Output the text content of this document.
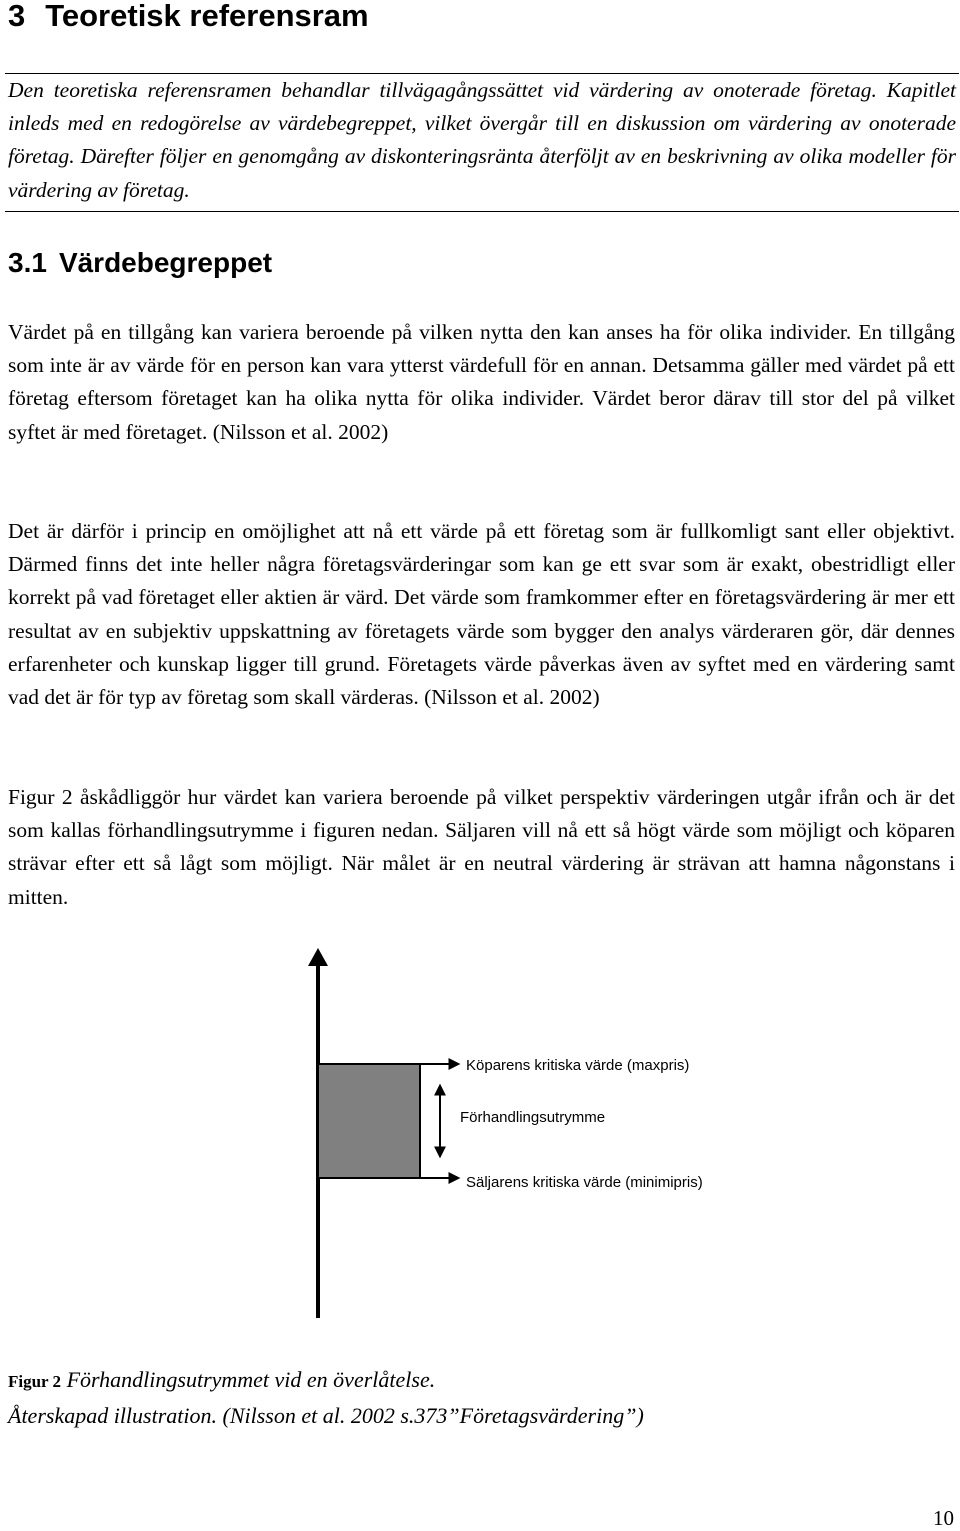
3 Teoretisk referensram

Den teoretiska referensramen behandlar tillvägagångssättet vid värdering av onoterade företag. Kapitlet inleds med en redogörelse av värdebegreppet, vilket övergår till en diskussion om värdering av onoterade företag. Därefter följer en genomgång av diskonteringsränta återföljt av en beskrivning av olika modeller för värdering av företag.

3.1 Värdebegreppet

Värdet på en tillgång kan variera beroende på vilken nytta den kan anses ha för olika individer. En tillgång som inte är av värde för en person kan vara ytterst värdefull för en annan. Detsamma gäller med värdet på ett företag eftersom företaget kan ha olika nytta för olika individer. Värdet beror därav till stor del på vilket syftet är med företaget. (Nilsson et al. 2002)

Det är därför i princip en omöjlighet att nå ett värde på ett företag som är fullkomligt sant eller objektivt. Därmed finns det inte heller några företagsvärderingar som kan ge ett svar som är exakt, obestridligt eller korrekt på vad företaget eller aktien är värd. Det värde som framkommer efter en företagsvärdering är mer ett resultat av en subjektiv uppskattning av företagets värde som bygger den analys värderaren gör, där dennes erfarenheter och kunskap ligger till grund. Företagets värde påverkas även av syftet med en värdering samt vad det är för typ av företag som skall värderas. (Nilsson et al. 2002)

Figur 2 åskådliggör hur värdet kan variera beroende på vilket perspektiv värderingen utgår ifrån och är det som kallas förhandlingsutrymme i figuren nedan. Säljaren vill nå ett så högt värde som möjligt och köparen strävar efter ett så lågt som möjligt. När målet är en neutral värdering är strävan att hamna någonstans i mitten.

Köparens kritiska värde (maxpris)
Förhandlingsutrymme
Säljarens kritiska värde (minimipris)
Figur 2 Förhandlingsutrymmet vid en överlåtelse.
Återskapad illustration. (Nilsson et al. 2002 s.373”Företagsvärdering”)

10
